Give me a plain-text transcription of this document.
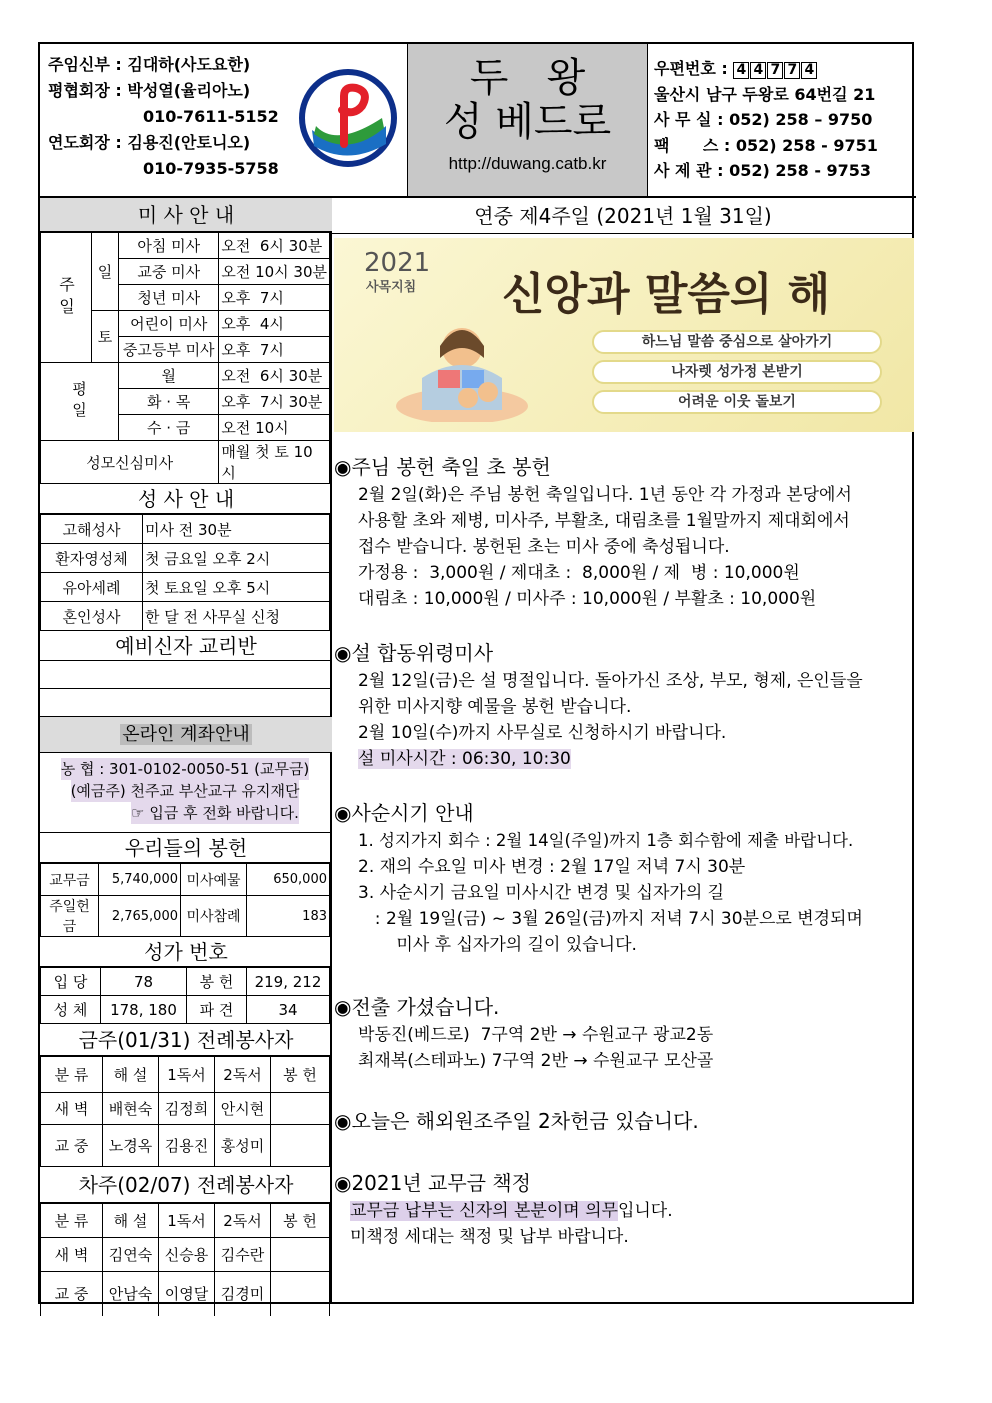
주임신부 : 김대하(사도요한)
평협회장 : 박성열(율리아노)
010-7611-5152
연도회장 : 김용진(안토니오)
010-7935-5758
두   왕
성 베드로
http://duwang.catb.kr
우편번호 : 4 4 7 7 4
울산시 남구 두왕로 64번길 21
사 무 실 : 052) 258 – 9750
팩      스 : 052) 258 - 9751
사 제 관 : 052) 258 - 9753
미 사 안 내
주일	일	아침 미사	오전  6시 30분
		교중 미사	오전 10시 30분
		청년 미사	오후  7시
	토	어린이 미사	오후  4시
		중고등부 미사	오후  7시
평일		월	오전  6시 30분
		화 · 목	오후  7시 30분
		수 · 금	오전 10시
성모신심미사			매월 첫 토 10시
성 사 안 내
고해성사	미사 전 30분
환자영성체	첫 금요일 오후 2시
유아세례	첫 토요일 오후 5시
혼인성사	한 달 전 사무실 신청
예비신자 교리반
온라인 계좌안내
농 협 : 301-0102-0050-51 (교무금) (예금주) 천주교 부산교구 유지재단 ☞ 입금 후 전화 바랍니다.
우리들의 봉헌
교무금	5,740,000	미사예물	650,000
주일헌금	2,765,000	미사참례	183
성가 번호
입 당	78	봉 헌	219, 212
성 체	178, 180	파 견	34
금주(01/31) 전례봉사자
분 류	해 설	1독서	2독서	봉 헌
새 벽	배현숙	김정희	안시현	
교 중	노경옥	김용진	홍성미	
차주(02/07) 전례봉사자
분 류	해 설	1독서	2독서	봉 헌
새 벽	김연숙	신승용	김수란	
교 중	안남숙	이영달	김경미	
연중 제4주일 (2021년 1월 31일)
2021
사목지침 신앙과 말씀의 해
하느님 말씀 중심으로 살아가기
나자렛 성가정 본받기
어려운 이웃 돌보기
◉주님 봉헌 축일 초 봉헌
2월 2일(화)은 주님 봉헌 축일입니다. 1년 동안 각 가정과 본당에서
사용할 초와 제병, 미사주, 부활초, 대림초를 1월말까지 제대회에서
접수 받습니다. 봉헌된 초는 미사 중에 축성됩니다.
가정용 :  3,000원 / 제대초 :  8,000원 / 제  병 : 10,000원
대림초 : 10,000원 / 미사주 : 10,000원 / 부활초 : 10,000원
◉설 합동위령미사
2월 12일(금)은 설 명절입니다. 돌아가신 조상, 부모, 형제, 은인들을
위한 미사지향 예물을 봉헌 받습니다.
2월 10일(수)까지 사무실로 신청하시기 바랍니다.
설 미사시간 : 06:30, 10:30
◉사순시기 안내
1. 성지가지 회수 : 2월 14일(주일)까지 1층 회수함에 제출 바랍니다.
2. 재의 수요일 미사 변경 : 2월 17일 저녁 7시 30분
3. 사순시기 금요일 미사시간 변경 및 십자가의 길
: 2월 19일(금) ~ 3월 26일(금)까지 저녁 7시 30분으로 변경되며
미사 후 십자가의 길이 있습니다.
◉전출 가셨습니다.
박동진(베드로)  7구역 2반 → 수원교구 광교2동
최재복(스테파노) 7구역 2반 → 수원교구 모산골
◉오늘은 해외원조주일 2차헌금 있습니다.
◉2021년 교무금 책정
교무금 납부는 신자의 본분이며 의무입니다.
미책정 세대는 책정 및 납부 바랍니다.
